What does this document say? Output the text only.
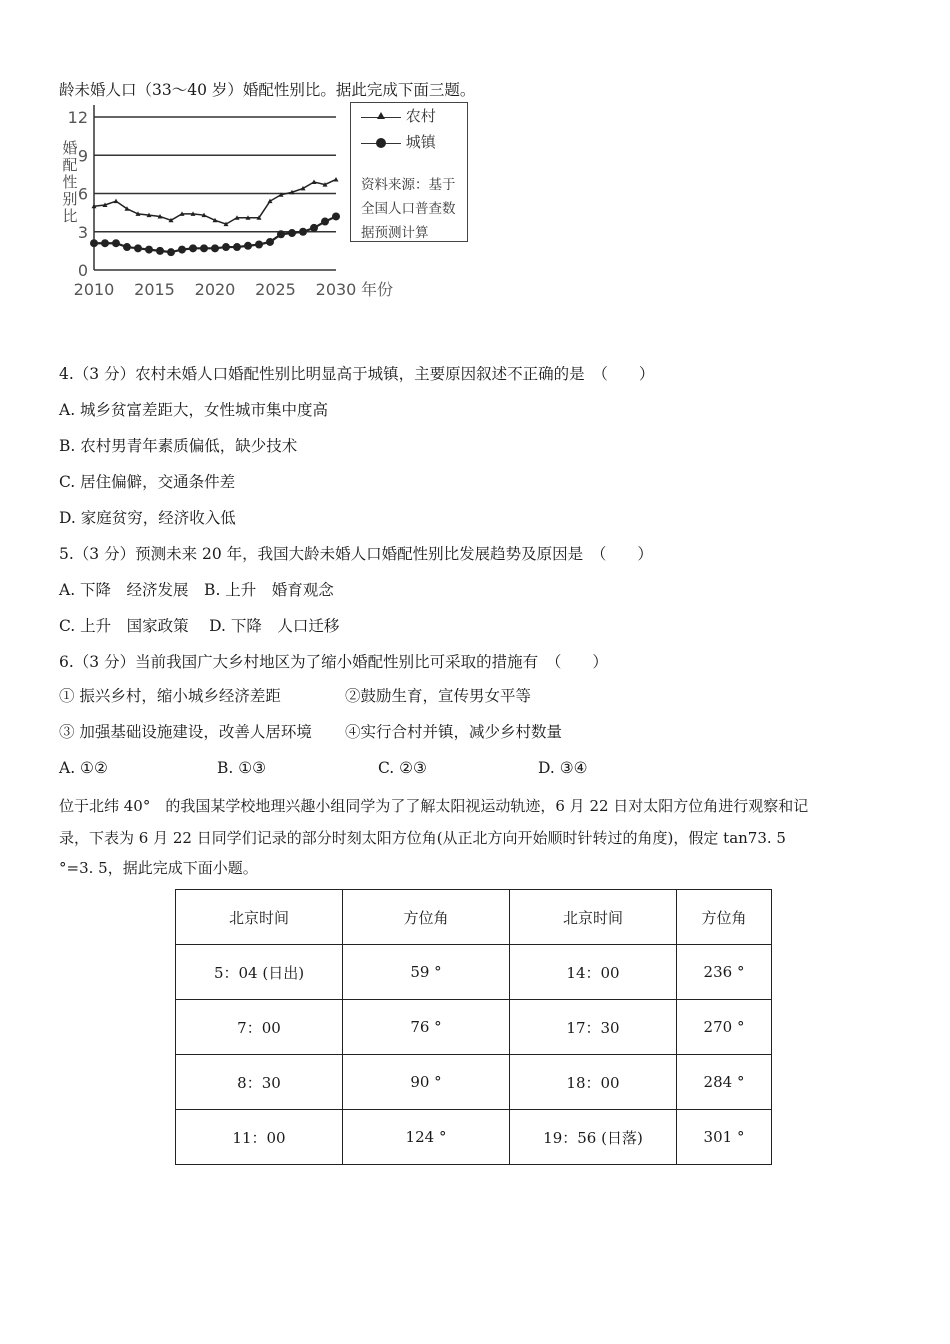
龄未婚人口（33～40 岁）婚配性别比。据此完成下面三题。
0
3
6
9
12
2010 2015 2020 2025 2030 年份
婚配性别比
农村
城镇
资料来源：基于全国人口普查数据预测计算
4.（3 分）农村未婚人口婚配性别比明显高于城镇，主要原因叙述不正确的是　（　　）
A. 城乡贫富差距大，女性城市集中度高
B. 农村男青年素质偏低，缺少技术
C. 居住偏僻，交通条件差
D. 家庭贫穷，经济收入低
5.（3 分）预测未来 20 年，我国大龄未婚人口婚配性别比发展趋势及原因是　（　　）
A. 下降　经济发展　B. 上升　婚育观念
C. 上升　国家政策　 D. 下降　人口迁移
6.（3 分）当前我国广大乡村地区为了缩小婚配性别比可采取的措施有　（　　）
① 振兴乡村，缩小城乡经济差距	②鼓励生育，宣传男女平等
③ 加强基础设施建设，改善人居环境 ④实行合村并镇，减少乡村数量
A. ①②	B. ①③	C. ②③	D. ③④
位于北纬 40°　的我国某学校地理兴趣小组同学为了了解太阳视运动轨迹，6 月 22 日对太阳方位角进行观察和记
录，下表为 6 月 22 日同学们记录的部分时刻太阳方位角(从正北方向开始顺时针转过的角度)，假定 tan73. 5
°=3. 5，据此完成下面小题。
北京时间	方位角	北京时间	方位角
5：04 (日出)	59 °	14：00	236 °
7：00	76 °	17：30	270 °
8：30	90 °	18：00	284 °
11：00	124 °	19：56 (日落)	301 °
